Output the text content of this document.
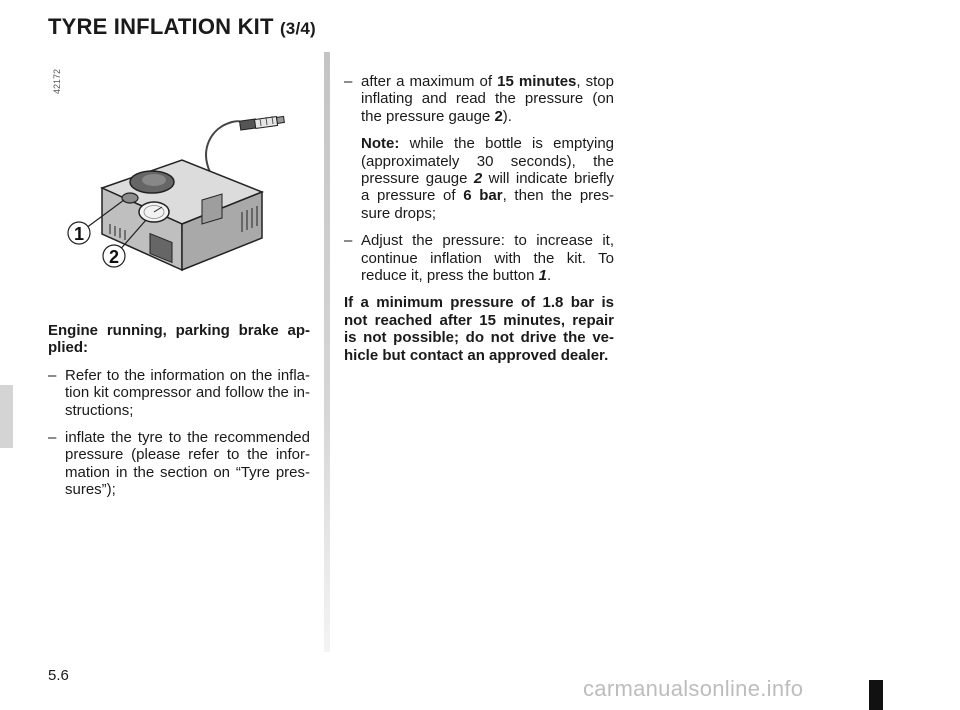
TYRE INFLATION KIT (3/4)
42172
1
2

Engine running, parking brake ap-plied:

– Refer to the information on the infla-tion kit compressor and follow the in-structions;
– inflate the tyre to the recommended pressure (please refer to the infor-mation in the section on “Tyre pres-sures”);
– after a maximum of 15 minutes, stop inflating and read the pressure (on the pressure gauge 2).

Note: while the bottle is emptying (approximately 30 seconds), the pressure gauge 2 will indicate briefly a pressure of 6 bar, then the pres-sure drops;

– Adjust the pressure: to increase it, continue inflation with the kit. To reduce it, press the button 1.

If a minimum pressure of 1.8 bar is not reached after 15 minutes, repair is not possible; do not drive the ve-hicle but contact an approved dealer.

5.6

carmanualsonline.info
